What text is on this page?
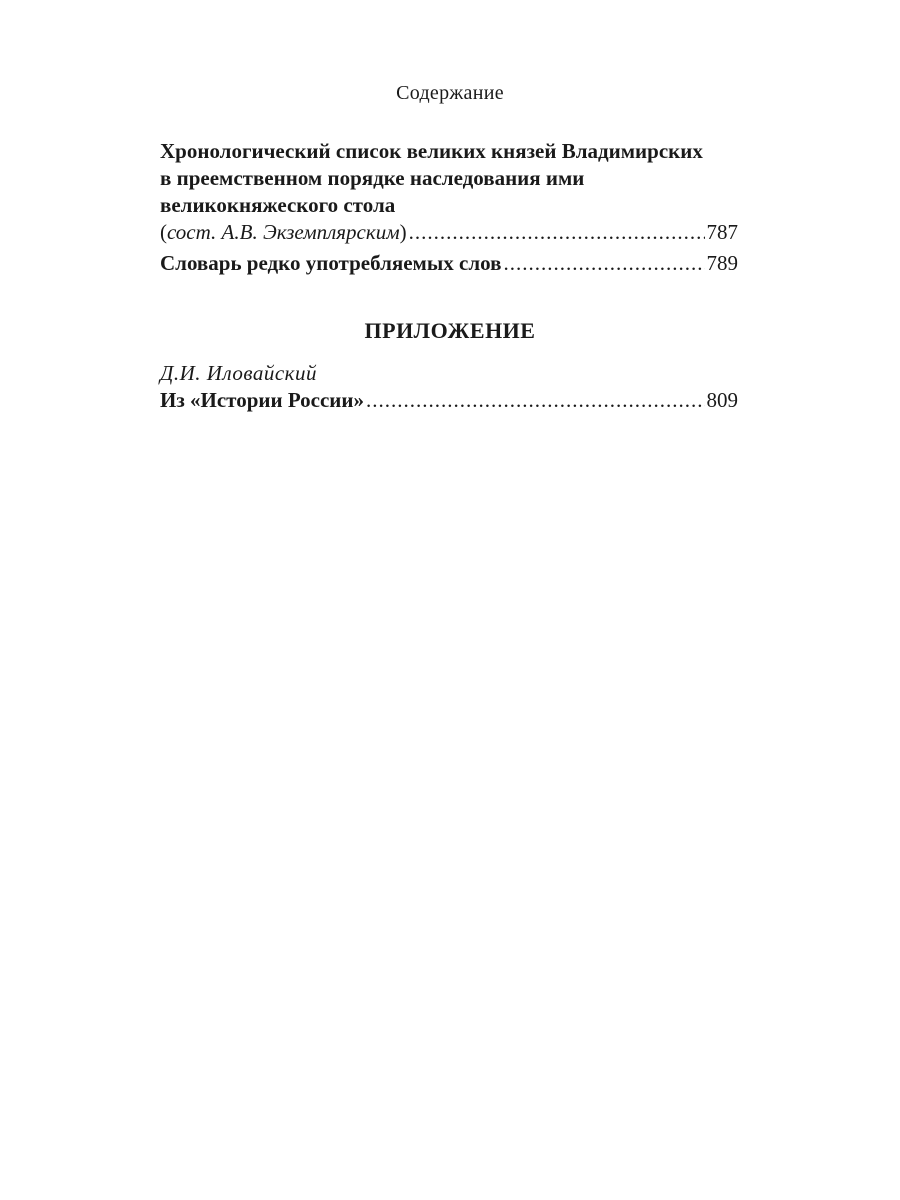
Содержание
Хронологический список великих князей Владимирских
в преемственном порядке наследования ими
великокняжеского стола
(сост. А.В. Экземплярским) .....	787
Словарь редко употребляемых слов .....	789
ПРИЛОЖЕНИЕ
Д.И. Иловайский
Из «Истории России» .....	809
